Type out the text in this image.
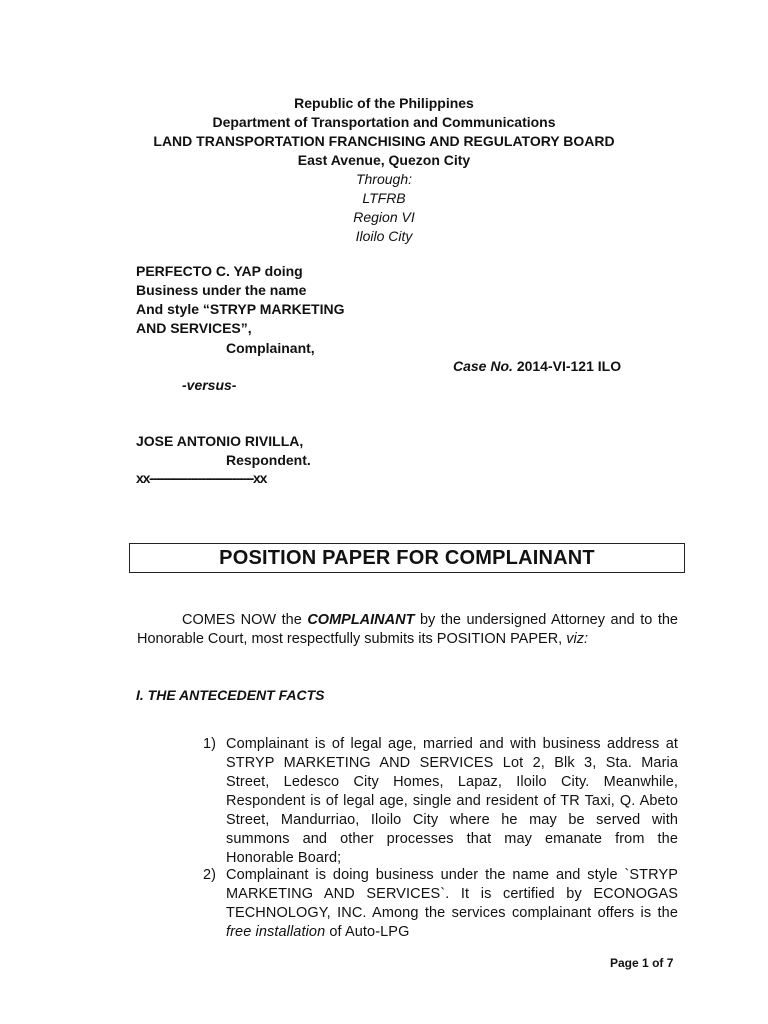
Republic of the Philippines
Department of Transportation and Communications
LAND TRANSPORTATION FRANCHISING AND REGULATORY BOARD
East Avenue, Quezon City
Through:
LTFRB
Region VI
Iloilo City
PERFECTO C. YAP doing
Business under the name
And style “STRYP MARKETING
AND SERVICES”,
Complainant,
Case No. 2014-VI-121 ILO
-versus-
JOSE ANTONIO RIVILLA,
Respondent.
xx------------------------------xx
POSITION PAPER FOR COMPLAINANT
COMES NOW the COMPLAINANT by the undersigned Attorney and to the Honorable Court, most respectfully submits its POSITION PAPER, viz:
I. THE ANTECEDENT FACTS
1) Complainant is of legal age, married and with business address at STRYP MARKETING AND SERVICES Lot 2, Blk 3, Sta. Maria Street, Ledesco City Homes, Lapaz, Iloilo City. Meanwhile, Respondent is of legal age, single and resident of TR Taxi, Q. Abeto Street, Mandurriao, Iloilo City where he may be served with summons and other processes that may emanate from the Honorable Board;
2) Complainant is doing business under the name and style `STRYP MARKETING AND SERVICES`. It is certified by ECONOGAS TECHNOLOGY, INC. Among the services complainant offers is the free installation of Auto-LPG
Page 1 of 7
